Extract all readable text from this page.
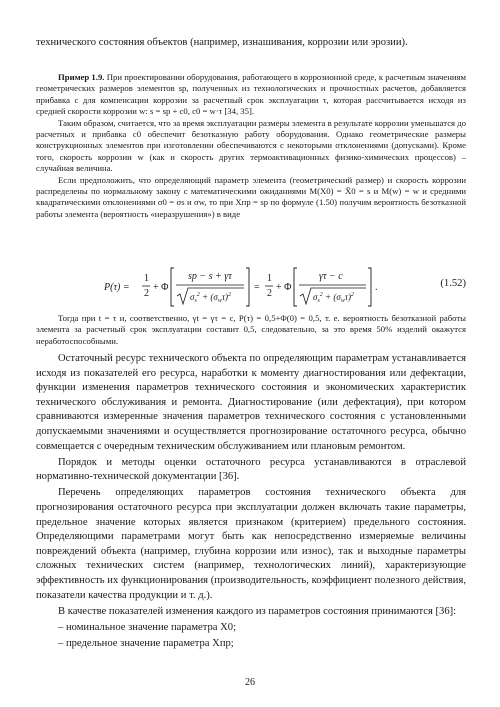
технического состояния объектов (например, изнашивания, коррозии или эрозии).

Пример 1.9. При проектировании оборудования, работающего в коррозионной среде, к расчетным значениям геометрических размеров элементов sр, полученных из технологических и прочностных расчетов, добавляется прибавка c для компенсации коррозии за расчетный срок эксплуатации τ, которая рассчитывается исходя из средней скорости коррозии w: s = sр + c0, c0 = w·τ [34, 35].

Таким образом, считается, что за время эксплуатации размеры элемента в результате коррозии уменьшатся до расчетных и прибавка c0 обеспечит безотказную работу оборудования. Однако геометрические размеры конструкционных элементов при изготовлении обеспечиваются с некоторыми отклонениями (допусками). Кроме того, скорость коррозии w (как и скорость других термоактивационных физико-химических процессов) – случайная величина.

Если предположить, что определяющий параметр элемента (геометрический размер) и скорость коррозии распределены по нормальному закону с математическими ожиданиями M(X0) = X̄0 = s и M(w) = w и средними квадратическими отклонениями σ0 = σs и σw, то при Xпр = sр по формуле (1.50) получим вероятность безотказной работы элемента (вероятность «неразрушения») в виде

P(τ) =
1
2
+ Φ
sр − s + γτ
$\sigma_s^2 + (\sigma_w\tau)^2$
=
1
2
+ Φ
γτ − c
$\sigma_s^2 + (\sigma_w\tau)^2$
.	(1.52)

Тогда при t = τ и, соответственно, γt = γτ = c, P(τ) = 0,5+Φ(0) = 0,5, т. е. вероятность безотказной работы элемента за расчетный срок эксплуатации составит 0,5, следовательно, за это время 50% изделий окажутся неработоспособными.

Остаточный ресурс технического объекта по определяющим параметрам устанавливается исходя из показателей его ресурса, наработки к моменту диагностирования или дефектации, функции изменения параметров технического состояния и экономических характеристик технического обслуживания и ремонта. Диагностирование (или дефектация), при котором сравниваются измеренные значения параметров технического состояния с установленными допускаемыми значениями и осуществляется прогнозирование остаточного ресурса, обычно совмещается с очередным техническим обслуживанием или плановым ремонтом.

Порядок и методы оценки остаточного ресурса устанавливаются в отраслевой нормативно-технической документации [36].

Перечень определяющих параметров состояния технического объекта для прогнозирования остаточного ресурса при эксплуатации должен включать такие параметры, предельное значение которых является признаком (критерием) предельного состояния. Определяющими параметрами могут быть как непосредственно измеряемые величины повреждений объекта (например, глубина коррозии или износ), так и выходные параметры сложных технических систем (например, технологических линий), характеризующие эффективность их функционирования (производительность, коэффициент полезного действия, показатели качества продукции и т. д.).

В качестве показателей изменения каждого из параметров состояния принимаются [36]:

– номинальное значение параметра X0;

– предельное значение параметра Xпр;

26
